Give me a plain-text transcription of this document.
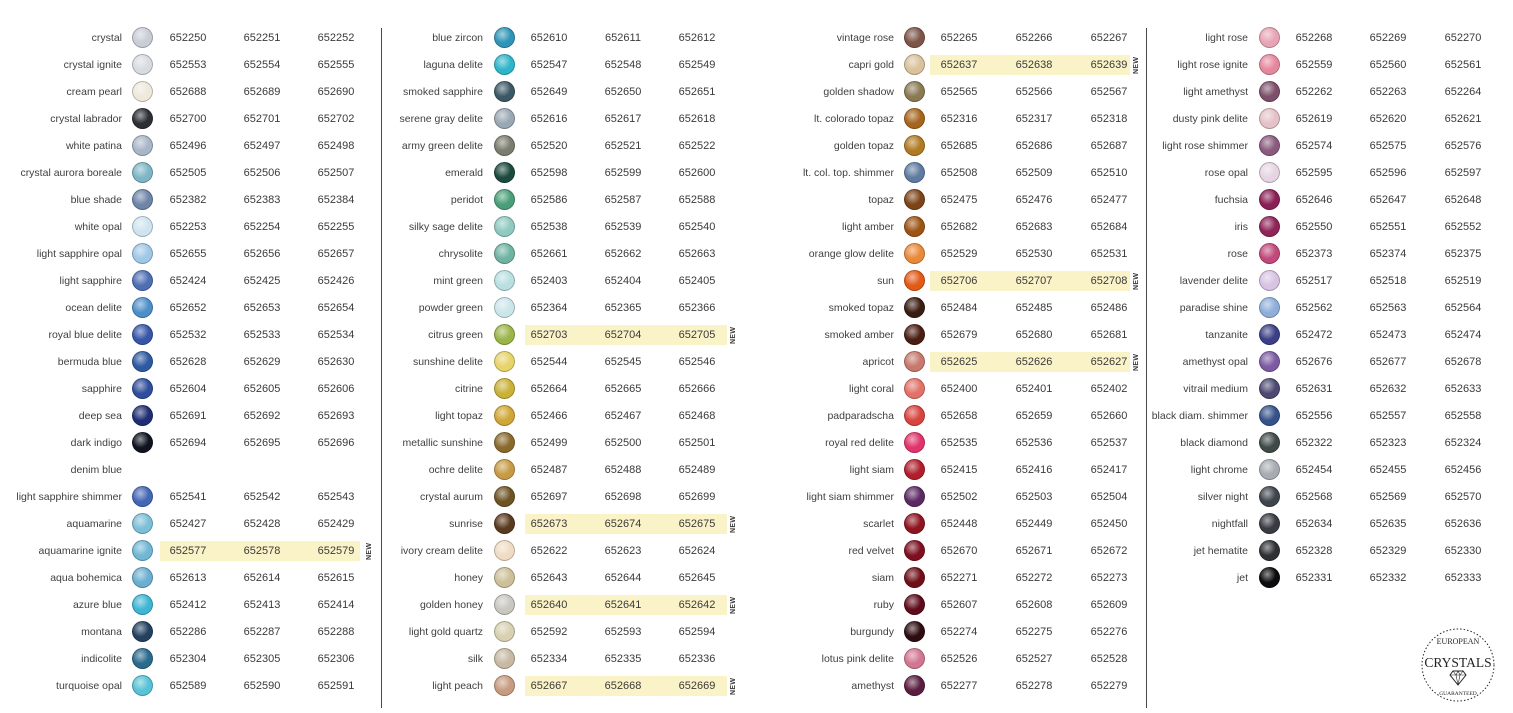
crystal	652250	652251	652252
crystal ignite	652553	652554	652555
cream pearl	652688	652689	652690
crystal labrador	652700	652701	652702
white patina	652496	652497	652498
crystal aurora boreale	652505	652506	652507
blue shade	652382	652383	652384
white opal	652253	652254	652255
light sapphire opal	652655	652656	652657
light sapphire	652424	652425	652426
ocean delite	652652	652653	652654
royal blue delite	652532	652533	652534
bermuda blue	652628	652629	652630
sapphire	652604	652605	652606
deep sea	652691	652692	652693
dark indigo	652694	652695	652696
denim blue
light sapphire shimmer	652541	652542	652543
aquamarine	652427	652428	652429
aquamarine ignite	652577	652578	652579	NEW
aqua bohemica	652613	652614	652615
azure blue	652412	652413	652414
montana	652286	652287	652288
indicolite	652304	652305	652306
turquoise opal	652589	652590	652591
blue zircon	652610	652611	652612
laguna delite	652547	652548	652549
smoked sapphire	652649	652650	652651
serene gray delite	652616	652617	652618
army green delite	652520	652521	652522
emerald	652598	652599	652600
peridot	652586	652587	652588
silky sage delite	652538	652539	652540
chrysolite	652661	652662	652663
mint green	652403	652404	652405
powder green	652364	652365	652366
citrus green	652703	652704	652705	NEW
sunshine delite	652544	652545	652546
citrine	652664	652665	652666
light topaz	652466	652467	652468
metallic sunshine	652499	652500	652501
ochre delite	652487	652488	652489
crystal aurum	652697	652698	652699
sunrise	652673	652674	652675	NEW
ivory cream delite	652622	652623	652624
honey	652643	652644	652645
golden honey	652640	652641	652642	NEW
light gold quartz	652592	652593	652594
silk	652334	652335	652336
light peach	652667	652668	652669	NEW
vintage rose	652265	652266	652267
capri gold	652637	652638	652639 NEW
golden shadow	652565	652566	652567
lt. colorado topaz	652316	652317	652318
golden topaz	652685	652686	652687
lt. col. top. shimmer	652508	652509	652510
topaz	652475	652476	652477
light amber	652682	652683	652684
orange glow delite	652529	652530	652531
sun	652706	652707	652708 NEW
smoked topaz	652484	652485	652486
smoked amber	652679	652680	652681
apricot	652625	652626	652627 NEW
light coral	652400	652401	652402
padparadscha	652658	652659	652660
royal red delite	652535	652536	652537
light siam	652415	652416	652417
light siam shimmer	652502	652503	652504
scarlet	652448	652449	652450
red velvet	652670	652671	652672
siam	652271	652272	652273
ruby	652607	652608	652609
burgundy	652274	652275	652276
lotus pink delite	652526	652527	652528
amethyst	652277	652278	652279
light rose	652268	652269	652270
light rose ignite	652559	652560	652561
light amethyst	652262	652263	652264
dusty pink delite	652619	652620	652621
light rose shimmer	652574	652575	652576
rose opal	652595	652596	652597
fuchsia	652646	652647	652648
iris	652550	652551	652552
rose	652373	652374	652375
lavender delite	652517	652518	652519
paradise shine	652562	652563	652564
tanzanite	652472	652473	652474
amethyst opal	652676	652677	652678
vitrail medium	652631	652632	652633
black diam. shimmer	652556	652557	652558
black diamond	652322	652323	652324
light chrome	652454	652455	652456
silver night	652568	652569	652570
nightfall	652634	652635	652636
jet hematite	652328	652329	652330
jet	652331	652332	652333
EUROPEAN
CRYSTALS
GUARANTEED
